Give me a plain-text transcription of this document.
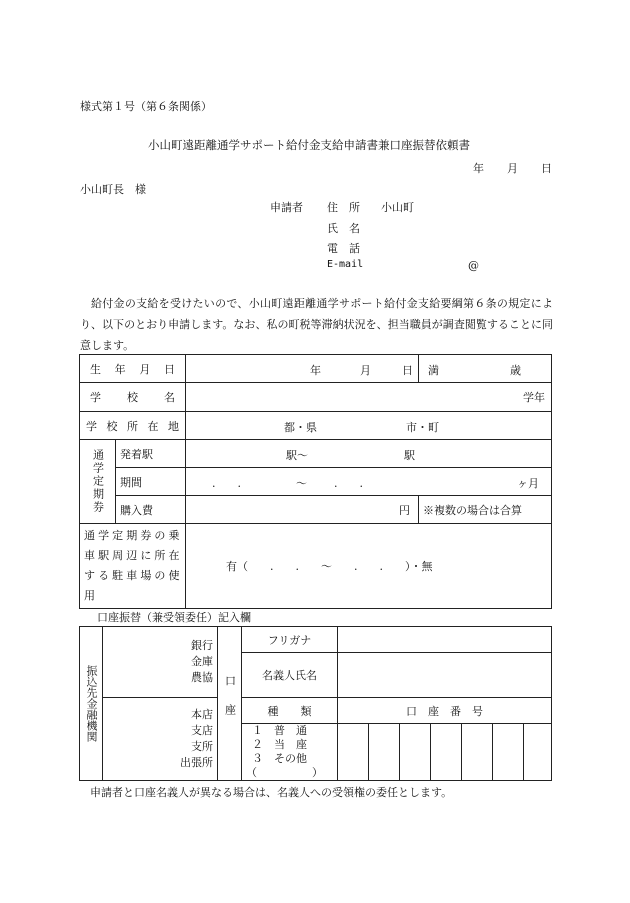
様式第１号（第６条関係）
小山町遠距離通学サポート給付金支給申請書兼口座振替依頼書
年 月 日
小山町長　様
申請者 住　所 小山町
氏　名
電　話
E-mail	@
給付金の支給を受けたいので、小山町遠距離通学サポート給付金支給要綱第６条の規定により、以下のとおり申請します。なお、私の町税等滞納状況を、担当職員が調査閲覧することに同意します。
生年月日		年 月 日	満 歳

学校名		学年	

学校所在地		都・県 市・町	

通学定期券	発着駅	駅〜 駅	

	期間	.　　. 〜 .　　. ヶ月	

	購入費	円	※複数の場合は合算
通学定期券の乗車駅周辺に所在する駐車場の使用		有（　　.　　.　　〜　　.　　.　　）・無	
口座振替（兼受領委任）記入欄
振込先金融機関	銀行
金庫
農協	口座	フリガナ							
			名義人氏名							

	本店
支店
支所
出張所		種　　類	口　座　番　号						

			１　普　通
２　当　座
３　その他
（　　　　　）							

申請者と口座名義人が異なる場合は、名義人への受領権の委任とします。
